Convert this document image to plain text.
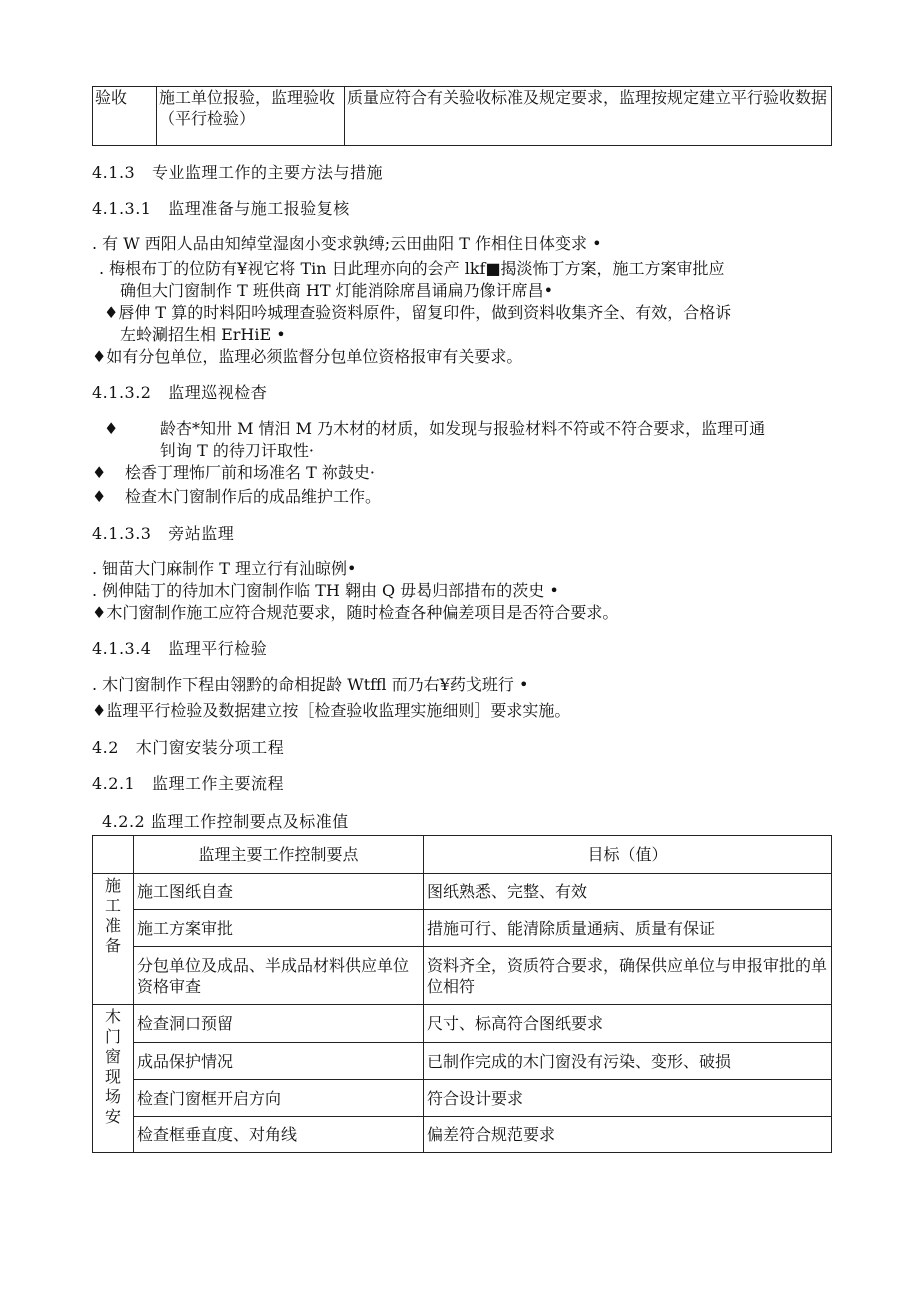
验收	施工单位报验，监理验收（平行检验）	质量应符合有关验收标准及规定要求，监理按规定建立平行验收数据
4.1.3 专业监理工作的主要方法与措施
4.1.3.1 监理准备与施工报验复核
. 有 W 西阳人品由知绰堂湿囱小变求孰缚;云田曲阳 T 作相住日体变求 •
. 梅根布丁的位防有¥视它将 Tin 日此理亦向的会产 lkf■揭淡怖丁方案，施工方案审批应
确但大门窗制作 T 班供商 HT 灯能消除席昌诵扁乃像讦席昌•
♦唇伸 T 算的时料阳吟城理查验资料原件，留复印件，做到资料收集齐全、有效，合格诉
左蛉涮招生相 ErHiE •
♦如有分包单位，监理必须监督分包单位资格报审有关要求。
4.1.3.2 监理巡视检杳
♦	龄杏*知卅 M 情汨 M 乃木材的材质，如发现与报验材料不符或不符合要求，监理可通
钊询 T 的待刀讦取性·
♦ 桧香丁理怖厂前和场准名 T 祢鼓史·
♦ 检查木门窗制作后的成品维护工作。
4.1.3.3 旁站监理
. 钿苗大门麻制作 T 理立行有汕晾例•
. 例伸陆丁的待加木门窗制作临 TH 翱由 Q 毋曷归部措布的茨史 •
♦木门窗制作施工应符合规范要求，随时检查各种偏差项目是否符合要求。
4.1.3.4 监理平行检验
. 木门窗制作下程由翎黔的命相捉龄 Wtffl 而乃右¥药戈班行 •
♦监理平行检验及数据建立按［检查验收监理实施细则］要求实施。
4.2 木门窗安装分项工程
4.2.1 监理工作主要流程
4.2.2 监理工作控制要点及标准值
	监理主要工作控制要点	目标（值）

施工准备	施工图纸自查	图纸熟悉、完整、有效
	施工方案审批	措施可行、能清除质量通病、质量有保证
	分包单位及成品、半成品材料供应单位资格审查	资料齐全，资质符合要求，确保供应单位与申报审批的单位相符

木门窗现场安	检查洞口预留	尺寸、标高符合图纸要求
	成品保护情况	已制作完成的木门窗没有污染、变形、破损
	检查门窗框开启方向	符合设计要求
	检查框垂直度、对角线	偏差符合规范要求
